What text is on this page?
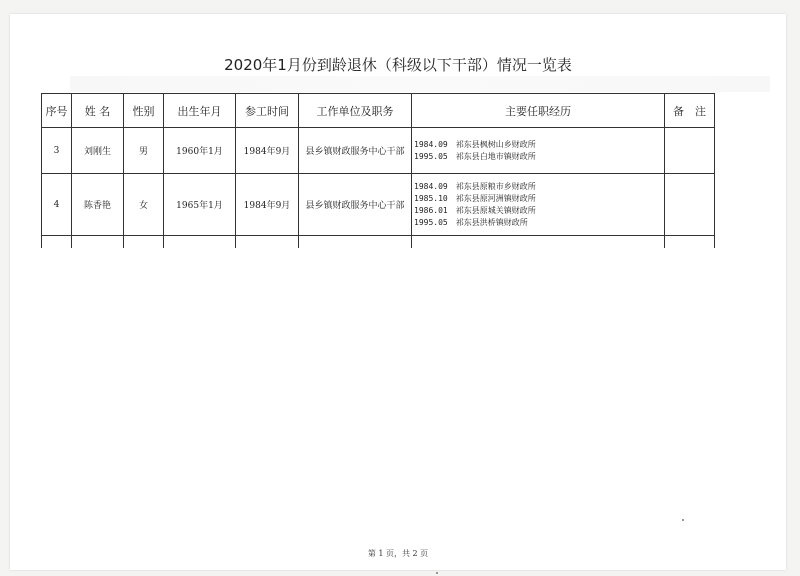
2020年1月份到龄退休（科级以下干部）情况一览表
序号	姓 名	性别	出生年月	参工时间	工作单位及职务	主要任职经历	备　注
3	刘刚生	男	1960年1月	1984年9月	县乡镇财政服务中心干部	1984.09　祁东县枫树山乡财政所
1995.05　祁东县白地市镇财政所	

4	陈香艳	女	1965年1月	1984年9月	县乡镇财政服务中心干部	1984.09　祁东县原粮市乡财政所
1985.10　祁东县原河洲镇财政所
1986.01　祁东县原城关镇财政所
1995.05　祁东县洪桥镇财政所	

第 1 页，共 2 页
